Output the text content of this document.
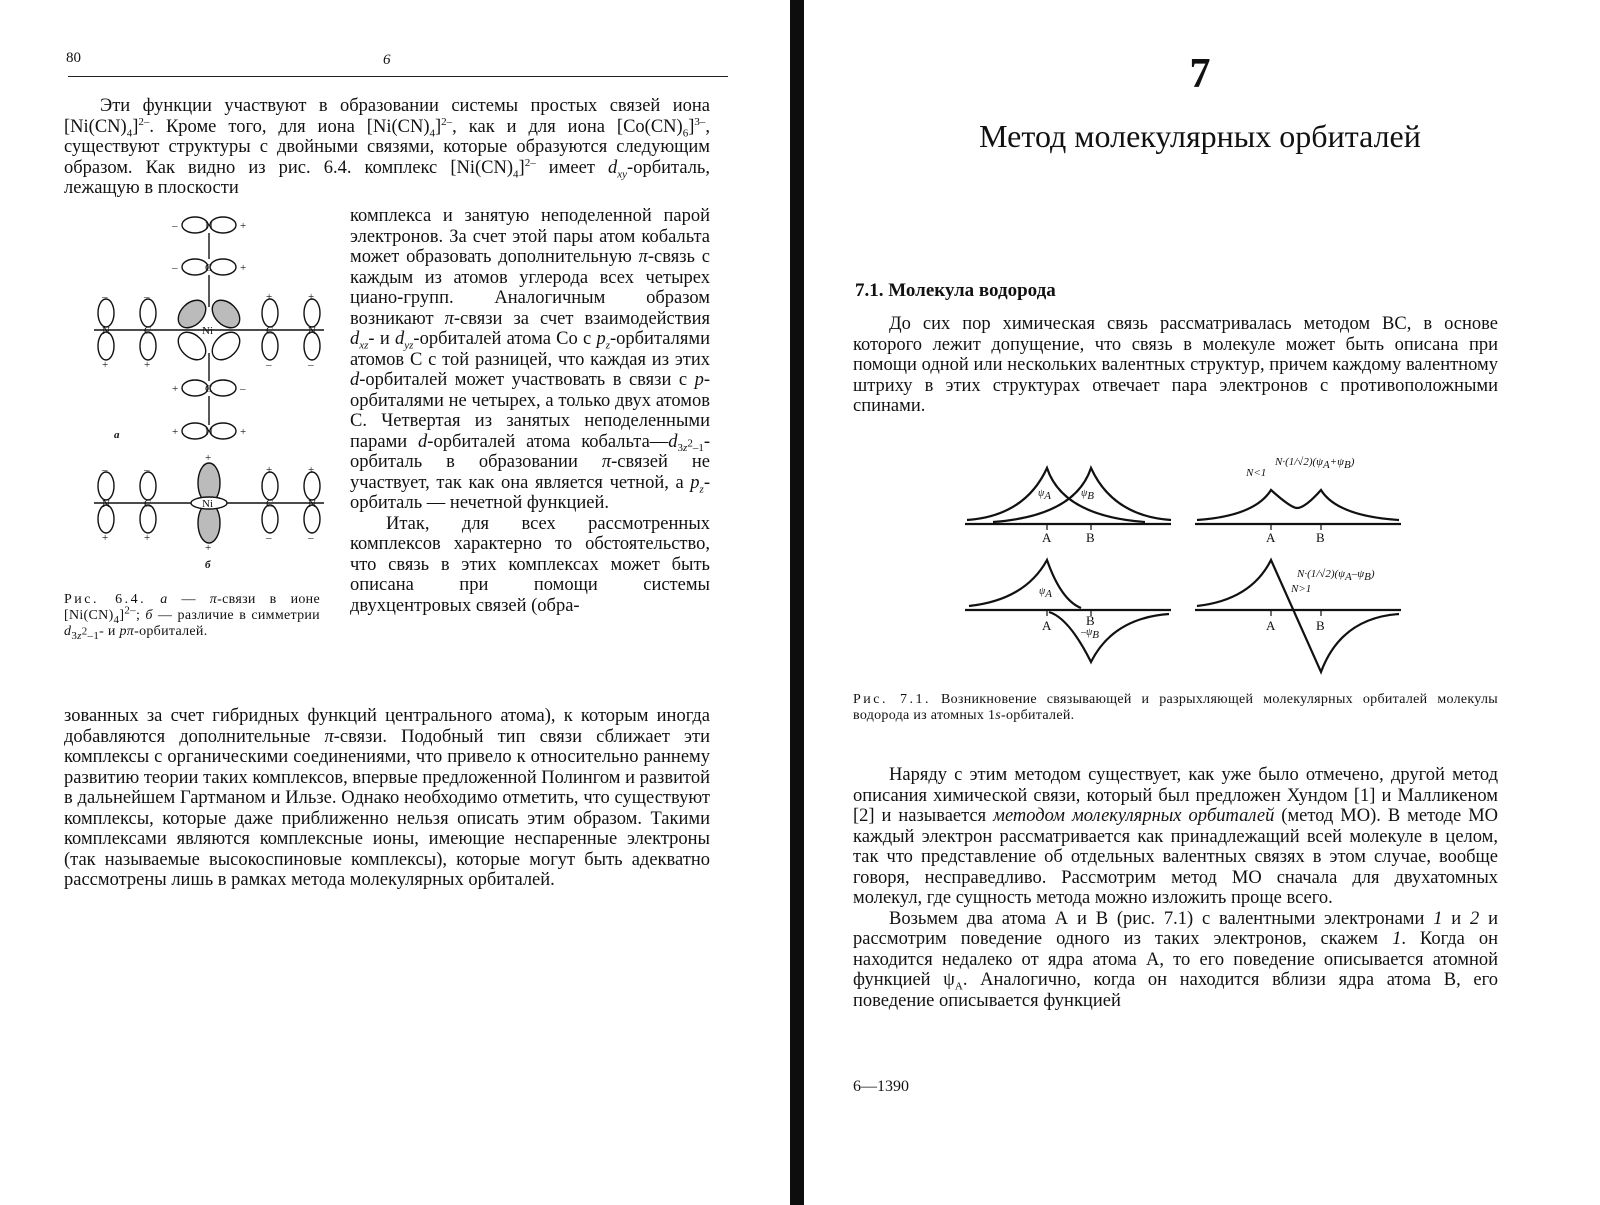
80	6

Эти функции участвуют в образовании системы простых связей иона $[Ni(CN)_4]^{2-}$. Кроме того, для иона $[Ni(CN)_4]^{2-}$, как и для иона $[Co(CN)_6]^{3-}$, существуют структуры с двойными связями, которые образуются следующим образом. Как видно из рис. 6.4. комплекс $[Ni(CN)_4]^{2-}$ имеет $d_{xy}$-орбиталь, лежащую в плоскости

N
C
Ni
N	C	C	N
C
N
Ni
C	C
N	N
–	+
–	+
–	–	+	+
+	+	–	–
+	–
+	+
+
+
–	–	+	+
+	+	–	–
a
б
Рис. 6.4. a — π-связи в ионе $[Ni(CN)_4]^{2-}$; б — различие в симметрии $d_{3z^2-1}-$ и pπ-орбиталей.

комплекса и занятую неподеленной парой электронов. За счет этой пары атом кобальта может образовать дополнительную π-связь с каждым из атомов углерода всех четырех циано-групп. Аналогичным образом возникают π-связи за счет взаимодействия $d_{xz}-$ и $d_{yz}$-орбиталей атома Co с $p_z$-орбиталями атомов C с той разницей, что каждая из этих d-орбиталей может участвовать в связи с p-орбиталями не четырех, а только двух атомов C. Четвертая из занятых неподеленными парами d-орбиталей атома $кобальта—d_{3z^2-1}$-орбиталь в образовании π-связей не участвует, так как она является четной, а $p_z$-орбиталь — нечетной функцией.

Итак, для всех рассмотренных комплексов характерно то обстоятельство, что связь в этих комплексах может быть описана при помощи системы двухцентровых связей (обра-

зованных за счет гибридных функций центрального атома), к которым иногда добавляются дополнительные π-связи. Подобный тип связи сближает эти комплексы с органическими соединениями, что привело к относительно раннему развитию теории таких комплексов, впервые предложенной Полингом и развитой в дальнейшем Гартманом и Ильзе. Однако необходимо отметить, что существуют комплексы, которые даже приближенно нельзя описать этим образом. Такими комплексами являются комплексные ионы, имеющие неспаренные электроны (так называемые высокоспиновые комплексы), которые могут быть адекватно рассмотрены лишь в рамках метода молекулярных орбиталей.

7
Метод молекулярных орбиталей
7.1. Молекула водорода

До сих пор химическая связь рассматривалась методом ВС, в основе которого лежит допущение, что связь в молекуле может быть описана при помощи одной или нескольких валентных структур, причем каждому валентному штриху в этих структурах отвечает пара электронов с противоположными спинами.

A	B	A	B
A	B	A	B
N<1
N>1
$\psi_A$	$\psi_B$
$\psi_A$
$-\psi_B$
$N\cdot(1/√2)(\psi_A+\psi_B)$
$N\cdot(1/√2)(\psi_A-\psi_B)$
Рис. 7.1. Возникновение связывающей и разрыхляющей молекулярных орбиталей молекулы водорода из атомных 1s-орбиталей.

Наряду с этим методом существует, как уже было отмечено, другой метод описания химической связи, который был предложен Хундом [1] и Малликеном [2] и называется методом молекулярных орбиталей (метод МО). В методе МО каждый электрон рассматривается как принадлежащий всей молекуле в целом, так что представление об отдельных валентных связях в этом случае, вообще говоря, несправедливо. Рассмотрим метод МО сначала для двухатомных молекул, где сущность метода можно изложить проще всего.

Возьмем два атома А и В (рис. 7.1) с валентными электронами 1 и 2 и рассмотрим поведение одного из таких электронов, скажем 1. Когда он находится недалеко от ядра атома А, то его поведение описывается атомной функцией $\psi_A$. Аналогично, когда он находится вблизи ядра атома В, его поведение описывается функцией

6—1390
